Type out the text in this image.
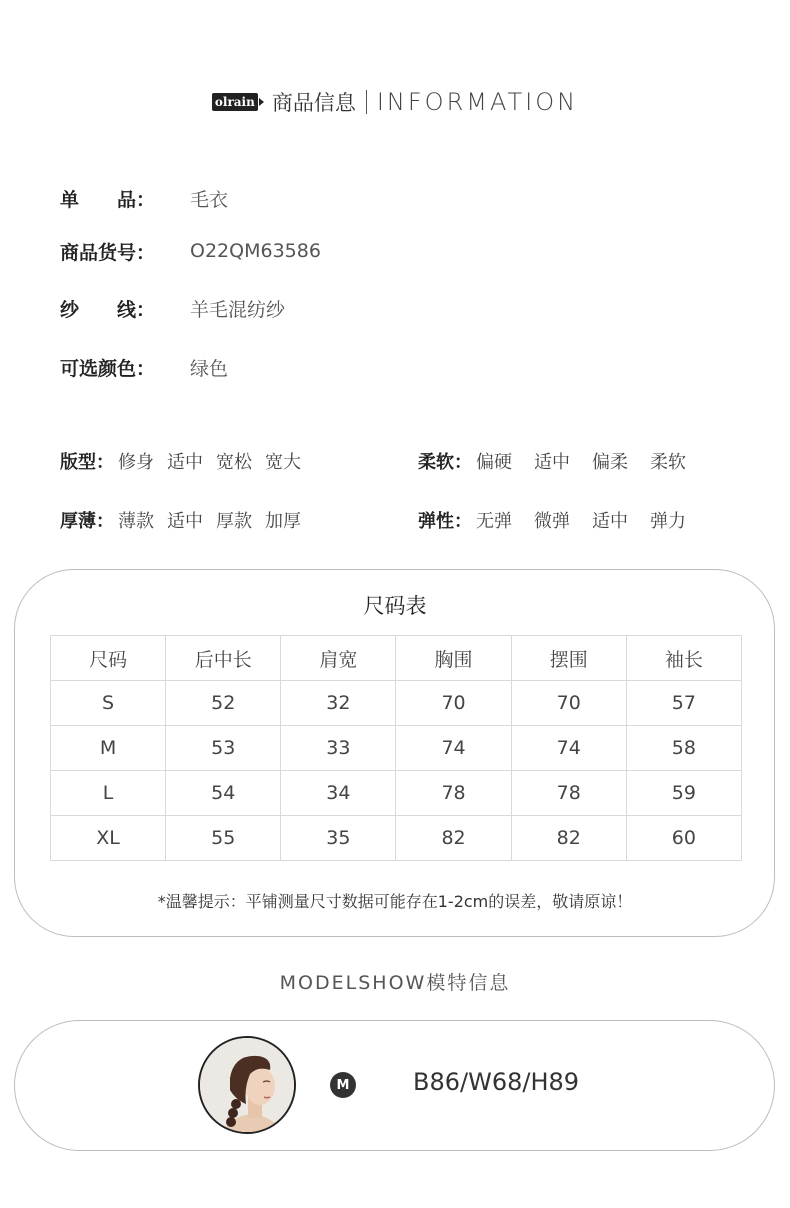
olrain 商品信息 INFORMATION
单　　品：	毛衣
商品货号：	O22QM63586
纱　　线：	羊毛混纺纱
可选颜色：	绿色
版型： 修身 适中 宽松 宽大
厚薄： 薄款 适中 厚款 加厚
柔软： 偏硬 适中 偏柔 柔软
弹性： 无弹 微弹 适中 弹力
尺码表
尺码	后中长	肩宽	胸围	摆围	袖长
S	52	32	70	70	57
M	53	33	74	74	58
L	54	34	78	78	59
XL	55	35	82	82	60
*温馨提示：平铺测量尺寸数据可能存在1-2cm的误差，敬请原谅！
MODELSHOW模特信息
M	B86/W68/H89
